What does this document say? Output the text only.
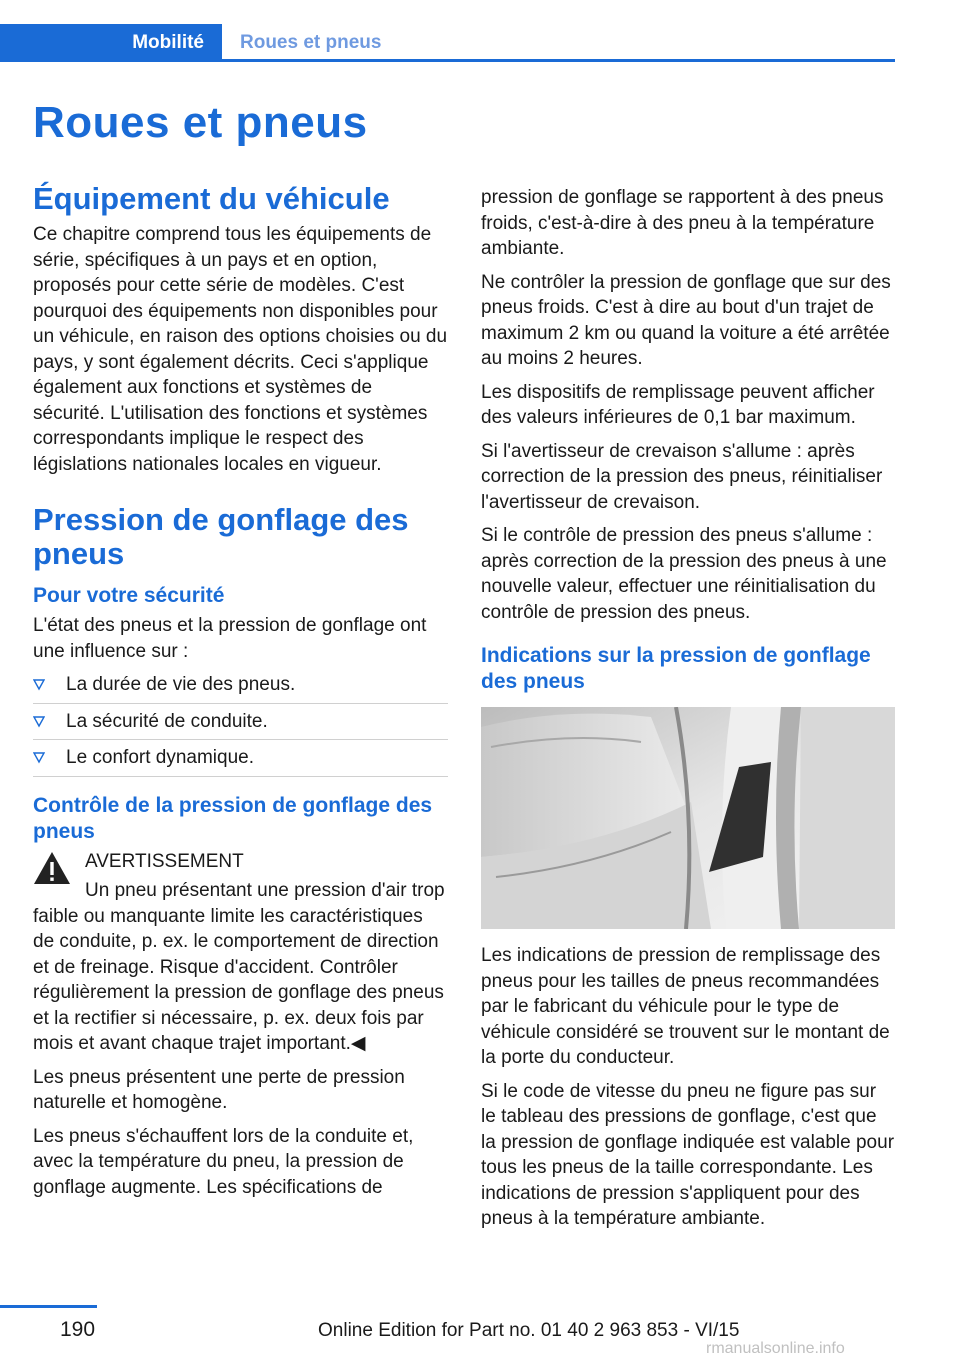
Mobilité	Roues et pneus
Roues et pneus
Équipement du véhicule

Ce chapitre comprend tous les équipements de série, spécifiques à un pays et en option, proposés pour cette série de modèles. C'est pourquoi des équipements non disponibles pour un véhicule, en raison des options choisies ou du pays, y sont également décrits. Ceci s'applique également aux fonctions et systèmes de sécurité. L'utilisation des fonctions et systèmes correspondants implique le respect des législations nationales locales en vigueur.

Pression de gonflage des pneus
Pour votre sécurité

L'état des pneus et la pression de gonflage ont une influence sur :

La durée de vie des pneus.
La sécurité de conduite.
Le confort dynamique.
Contrôle de la pression de gonflage des pneus

AVERTISSEMENT

Un pneu présentant une pression d'air trop faible ou manquante limite les caractéristiques de conduite, p. ex. le comportement de direction et de freinage. Risque d'accident. Contrôler régulièrement la pression de gonflage des pneus et la rectifier si nécessaire, p. ex. deux fois par mois et avant chaque trajet important.◀

Les pneus présentent une perte de pression naturelle et homogène.

Les pneus s'échauffent lors de la conduite et, avec la température du pneu, la pression de gonflage augmente. Les spécifications de

pression de gonflage se rapportent à des pneus froids, c'est-à-dire à des pneu à la température ambiante.

Ne contrôler la pression de gonflage que sur des pneus froids. C'est à dire au bout d'un trajet de maximum 2 km ou quand la voiture a été arrêtée au moins 2 heures.

Les dispositifs de remplissage peuvent afficher des valeurs inférieures de 0,1 bar maximum.

Si l'avertisseur de crevaison s'allume : après correction de la pression des pneus, réinitialiser l'avertisseur de crevaison.

Si le contrôle de pression des pneus s'allume : après correction de la pression des pneus à une nouvelle valeur, effectuer une réinitialisation du contrôle de pression des pneus.

Indications sur la pression de gonflage des pneus

Les indications de pression de remplissage des pneus pour les tailles de pneus recommandées par le fabricant du véhicule pour le type de véhicule considéré se trouvent sur le montant de la porte du conducteur.

Si le code de vitesse du pneu ne figure pas sur le tableau des pressions de gonflage, c'est que la pression de gonflage indiquée est valable pour tous les pneus de la taille correspondante. Les indications de pression s'appliquent pour des pneus à la température ambiante.

190	Online Edition for Part no. 01 40 2 963 853 - VI/15
rmanualsonline.info
